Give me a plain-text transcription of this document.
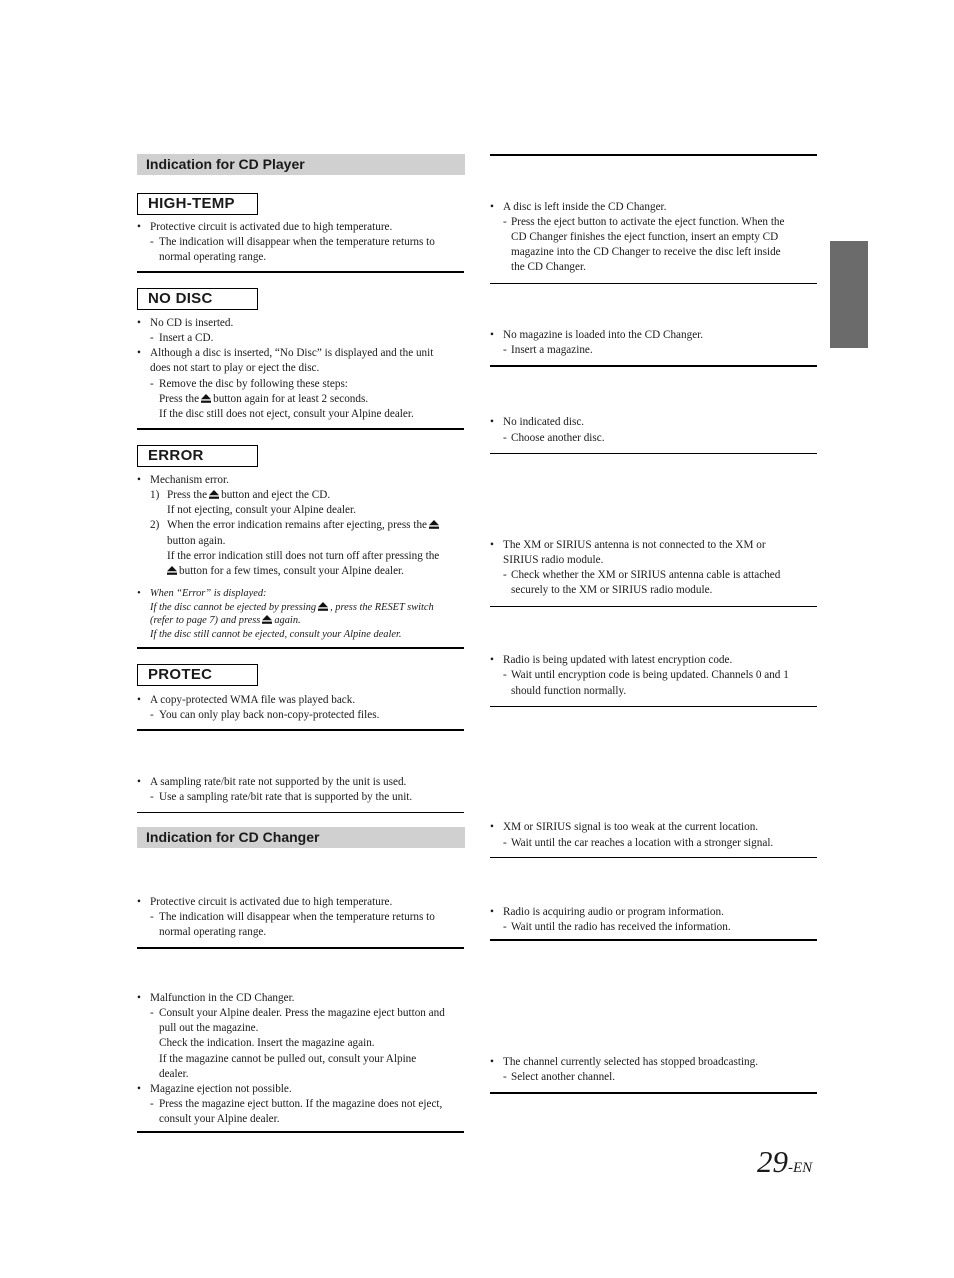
Indication for CD Player
HIGH-TEMP
• Protective circuit is activated due to high temperature.

- The indication will disappear when the temperature returns to

normal operating range.

NO DISC
• No CD is inserted.

- Insert a CD.

• Although a disc is inserted, “No Disc” is displayed and the unit

does not start to play or eject the disc.

- Remove the disc by following these steps:

Press the button again for at least 2 seconds.

If the disc still does not eject, consult your Alpine dealer.

ERROR
• Mechanism error.

1) Press the button and eject the CD.

If not ejecting, consult your Alpine dealer.

2) When the error indication remains after ejecting, press the

button again.

If the error indication still does not turn off after pressing the

button for a few times, consult your Alpine dealer.

• When “Error” is displayed:

If the disc cannot be ejected by pressing , press the RESET switch

(refer to page 7) and press again.

If the disc still cannot be ejected, consult your Alpine dealer.

PROTEC
• A copy-protected WMA file was played back.

- You can only play back non-copy-protected files.

• A sampling rate/bit rate not supported by the unit is used.

- Use a sampling rate/bit rate that is supported by the unit.

Indication for CD Changer
• Protective circuit is activated due to high temperature.

- The indication will disappear when the temperature returns to

normal operating range.

• Malfunction in the CD Changer.

- Consult your Alpine dealer. Press the magazine eject button and

pull out the magazine.

Check the indication. Insert the magazine again.

If the magazine cannot be pulled out, consult your Alpine

dealer.

• Magazine ejection not possible.

- Press the magazine eject button. If the magazine does not eject,

consult your Alpine dealer.

• A disc is left inside the CD Changer.

- Press the eject button to activate the eject function. When the

CD Changer finishes the eject function, insert an empty CD

magazine into the CD Changer to receive the disc left inside

the CD Changer.

• No magazine is loaded into the CD Changer.

- Insert a magazine.

• No indicated disc.

- Choose another disc.

• The XM or SIRIUS antenna is not connected to the XM or

SIRIUS radio module.

- Check whether the XM or SIRIUS antenna cable is attached

securely to the XM or SIRIUS radio module.

• Radio is being updated with latest encryption code.

- Wait until encryption code is being updated. Channels 0 and 1

should function normally.

• XM or SIRIUS signal is too weak at the current location.

- Wait until the car reaches a location with a stronger signal.

• Radio is acquiring audio or program information.

- Wait until the radio has received the information.

• The channel currently selected has stopped broadcasting.

- Select another channel.

29-EN
